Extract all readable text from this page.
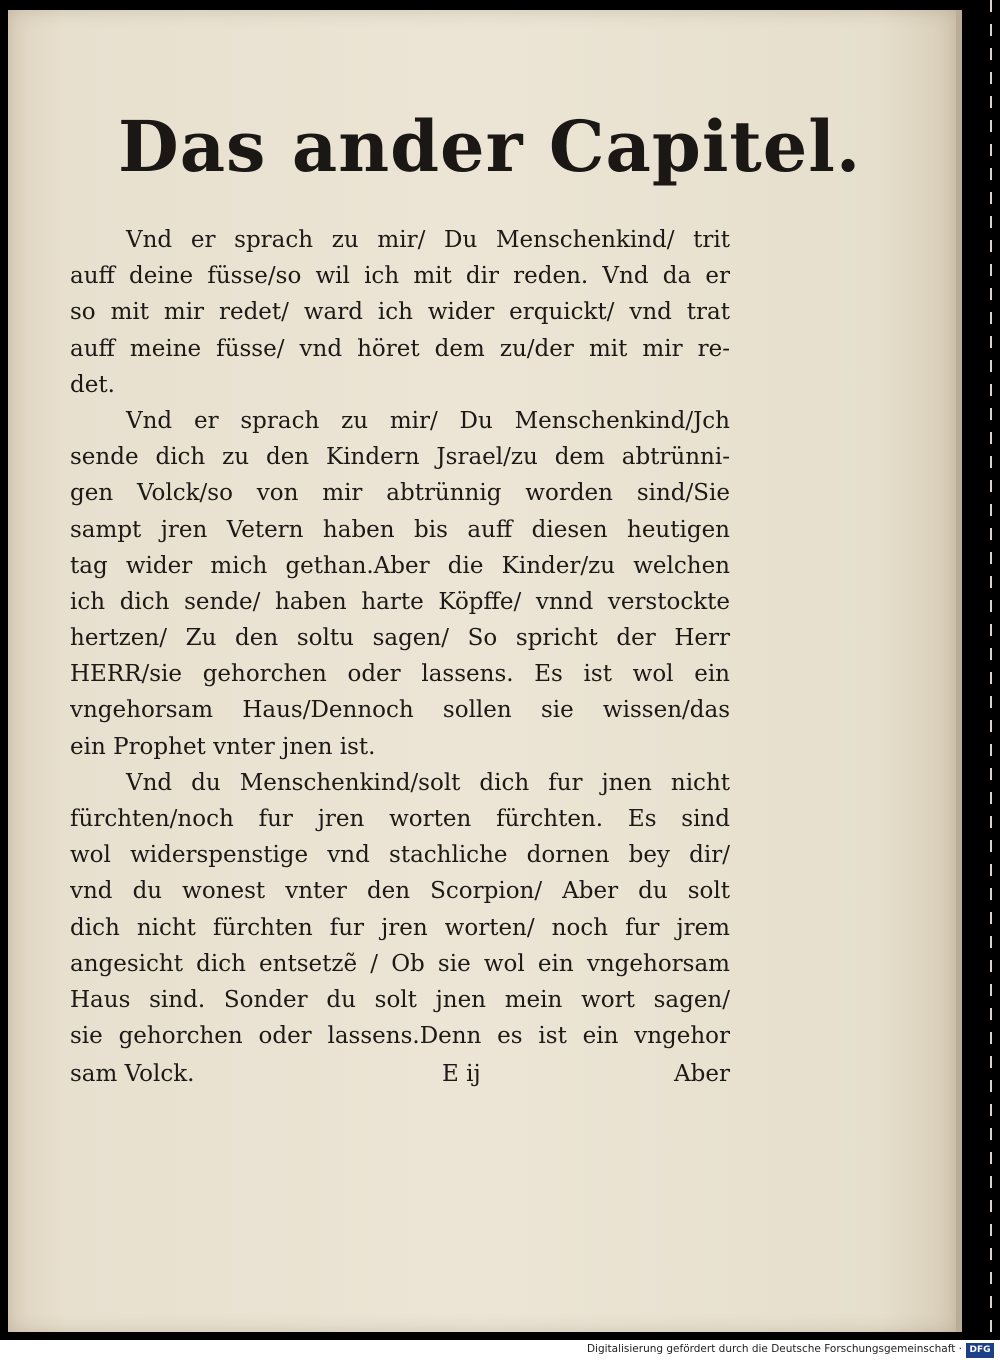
Das ander Capitel.
Vnd er sprach zu mir/ Du Menschenkind/ trit
auff deine füsse/so wil ich mit dir reden. Vnd da er
so mit mir redet/ ward ich wider erquickt/ vnd trat
auff meine füsse/ vnd höret dem zu/der mit mir re-
det.
Vnd er sprach zu mir/ Du Menschenkind/Jch
sende dich zu den Kindern Jsrael/zu dem abtrünni-
gen Volck/so von mir abtrünnig worden sind/Sie
sampt jren Vetern haben bis auff diesen heutigen
tag wider mich gethan.Aber die Kinder/zu welchen
ich dich sende/ haben harte Köpffe/ vnnd verstockte
hertzen/ Zu den soltu sagen/ So spricht der Herr
HERR/sie gehorchen oder lassens. Es ist wol ein
vngehorsam Haus/Dennoch sollen sie wissen/das
ein Prophet vnter jnen ist.
Vnd du Menschenkind/solt dich fur jnen nicht
fürchten/noch fur jren worten fürchten. Es sind
wol widerspenstige vnd stachliche dornen bey dir/
vnd du wonest vnter den Scorpion/ Aber du solt
dich nicht fürchten fur jren worten/ noch fur jrem
angesicht dich entsetzẽ / Ob sie wol ein vngehorsam
Haus sind. Sonder du solt jnen mein wort sagen/
sie gehorchen oder lassens.Denn es ist ein vngehor
sam Volck.	E ij	Aber
Digitalisierung gefördert durch die Deutsche Forschungsgemeinschaft · DFG
